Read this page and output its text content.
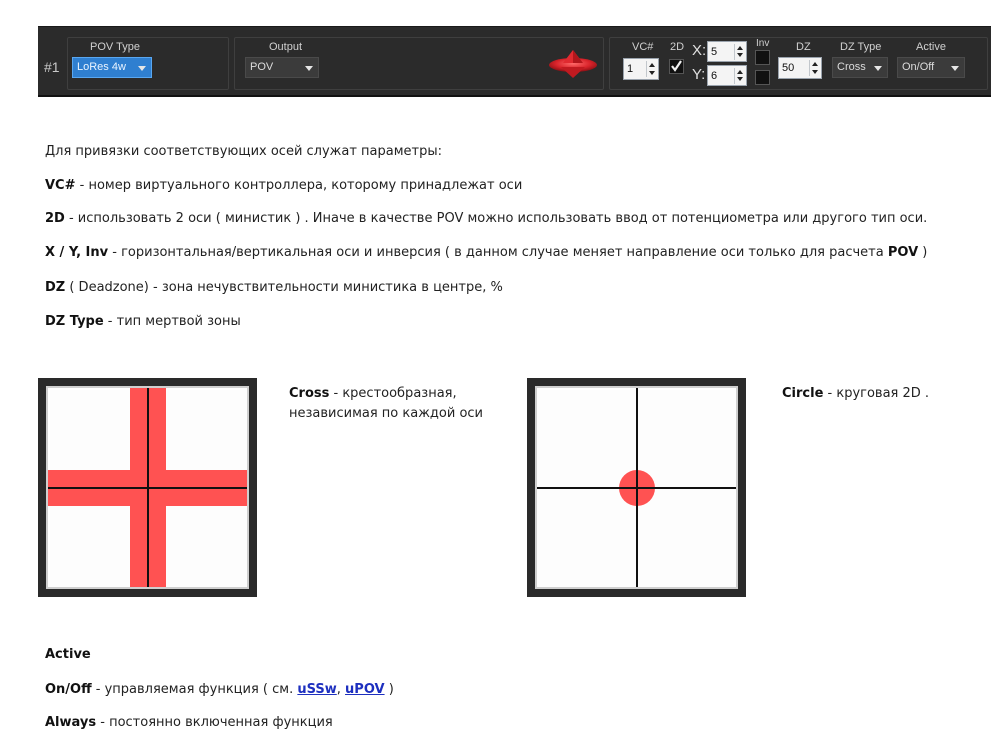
#1
POV Type
LoRes 4w
Output
POV
VC#
1
2D X: 5
Y: 6
Inv DZ
50
DZ Type
Cross
Active
On/Off
Для привязки соответствующих осей служат параметры:
VC# - номер виртуального контроллера, которому принадлежат оси
2D - использовать 2 оси ( министик ) . Иначе в качестве POV можно использовать ввод от потенциометра или другого тип оси.
X / Y, Inv - горизонтальная/вертикальная оси и инверсия ( в данном случае меняет направление оси только для расчета POV )
DZ ( Deadzone) - зона нечувствительности министика в центре, %
DZ Type - тип мертвой зоны
Cross - крестообразная,
независимая по каждой оси
Circle - круговая 2D .
Active
On/Off - управляемая функция ( см. uSSw, uPOV )
Always - постоянно включенная функция
